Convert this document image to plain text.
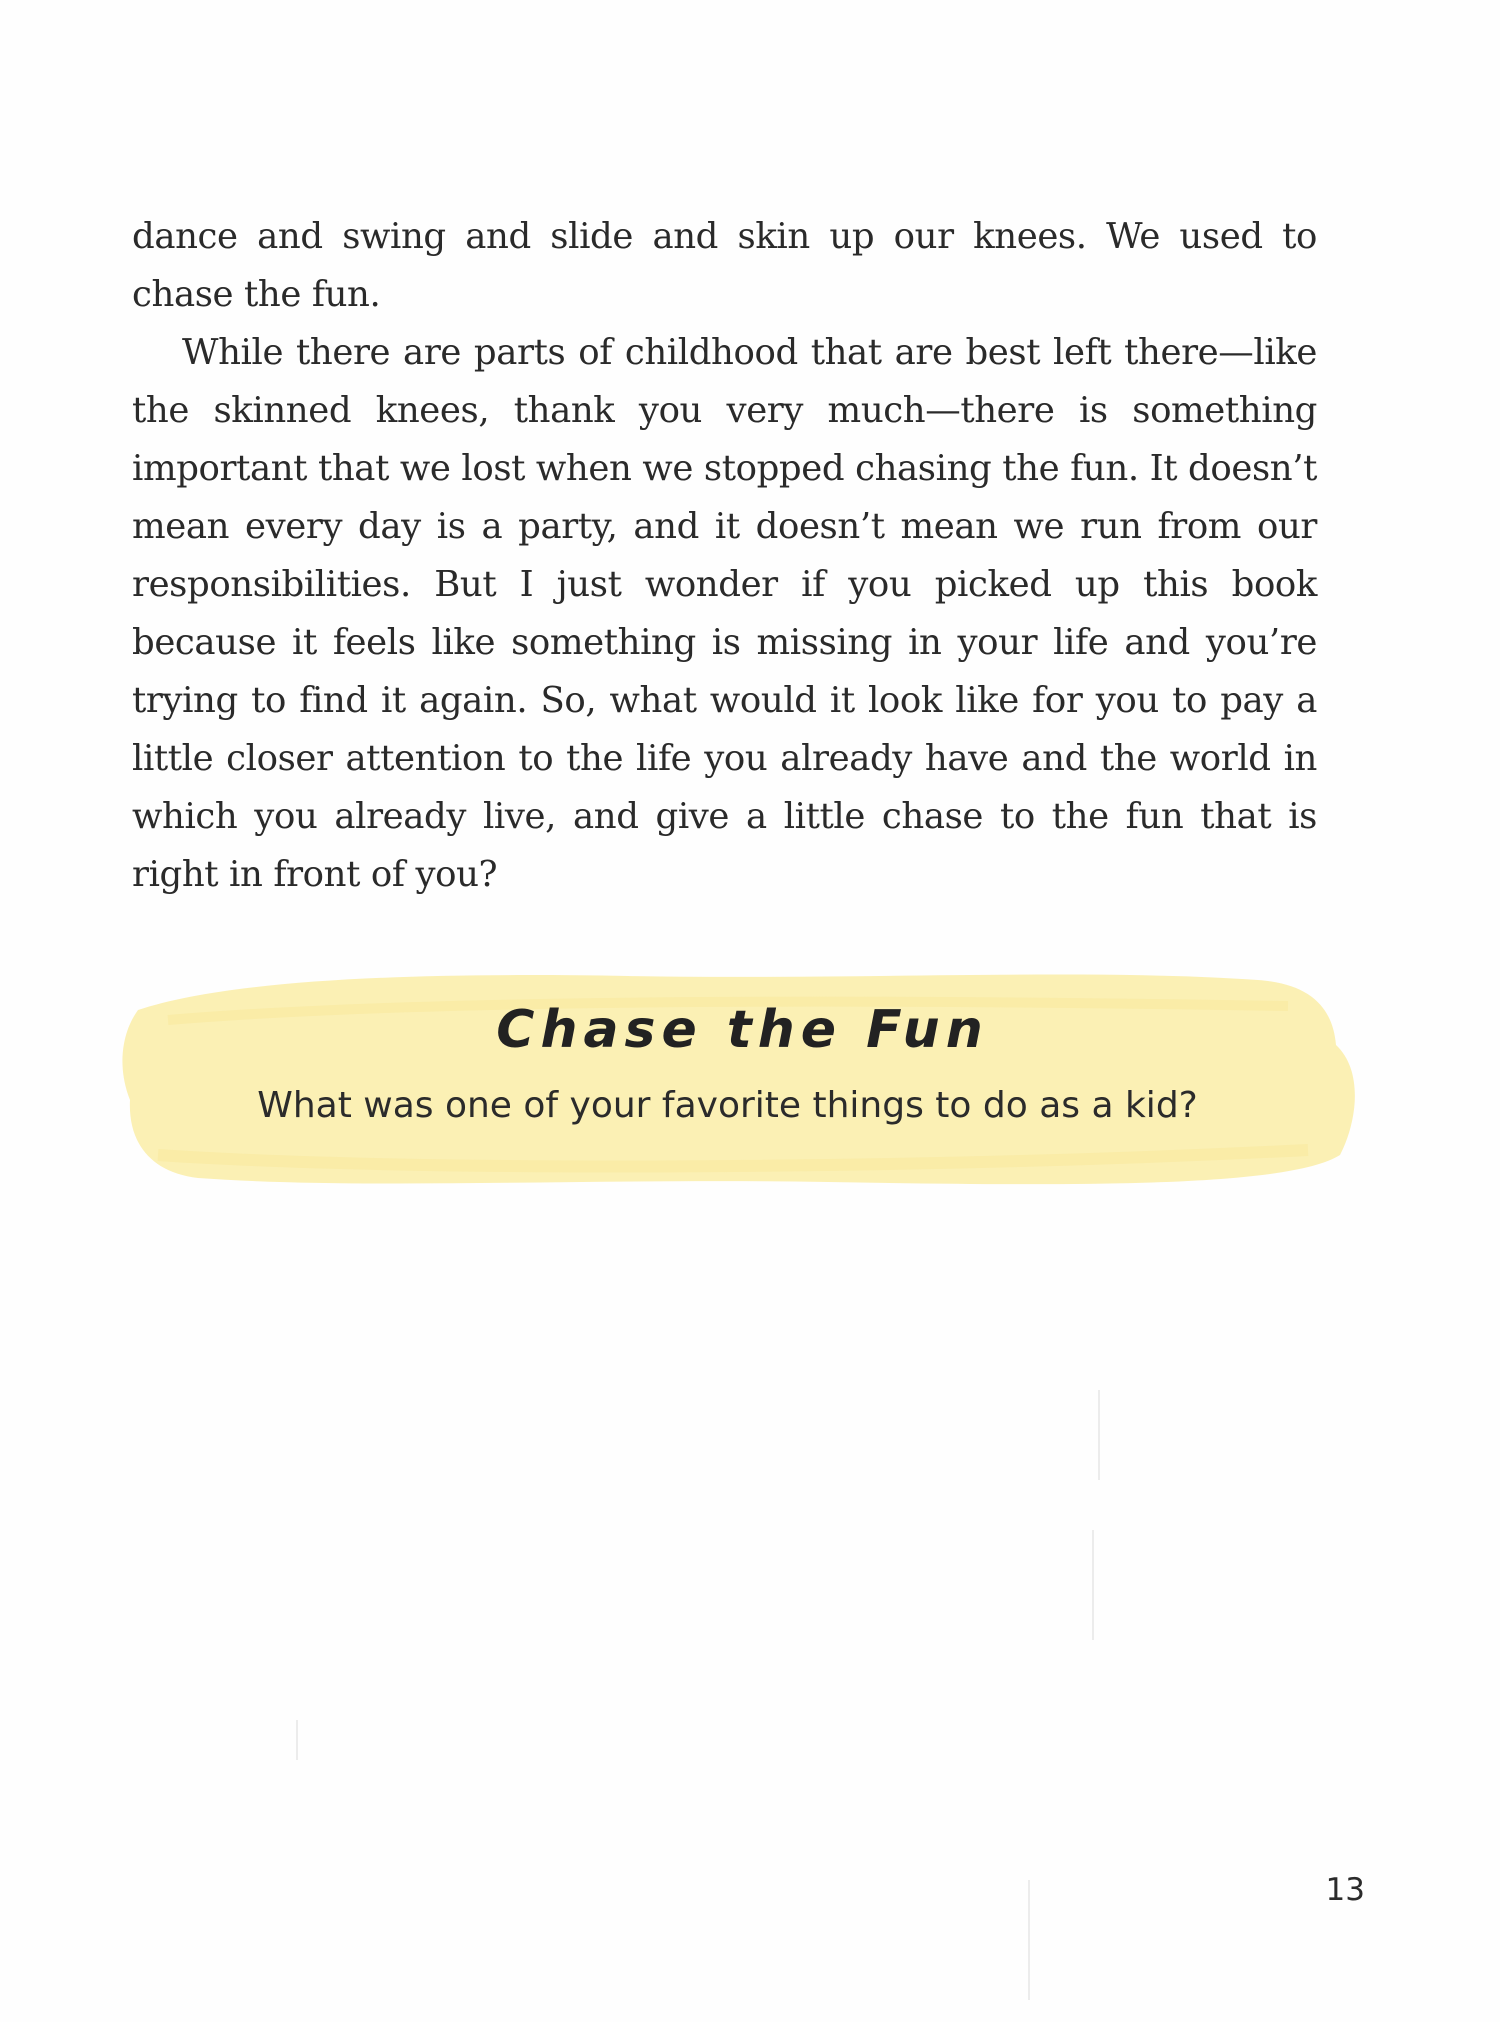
dance and swing and slide and skin up our knees. We used to chase the fun.

While there are parts of childhood that are best left there—like the skinned knees, thank you very much—there is something important that we lost when we stopped chasing the fun. It doesn’t mean every day is a party, and it doesn’t mean we run from our responsibilities. But I just wonder if you picked up this book because it feels like something is missing in your life and you’re trying to find it again. So, what would it look like for you to pay a little closer attention to the life you already have and the world in which you already live, and give a little chase to the fun that is right in front of you?

Chase the Fun
What was one of your favorite things to do as a kid?
13
